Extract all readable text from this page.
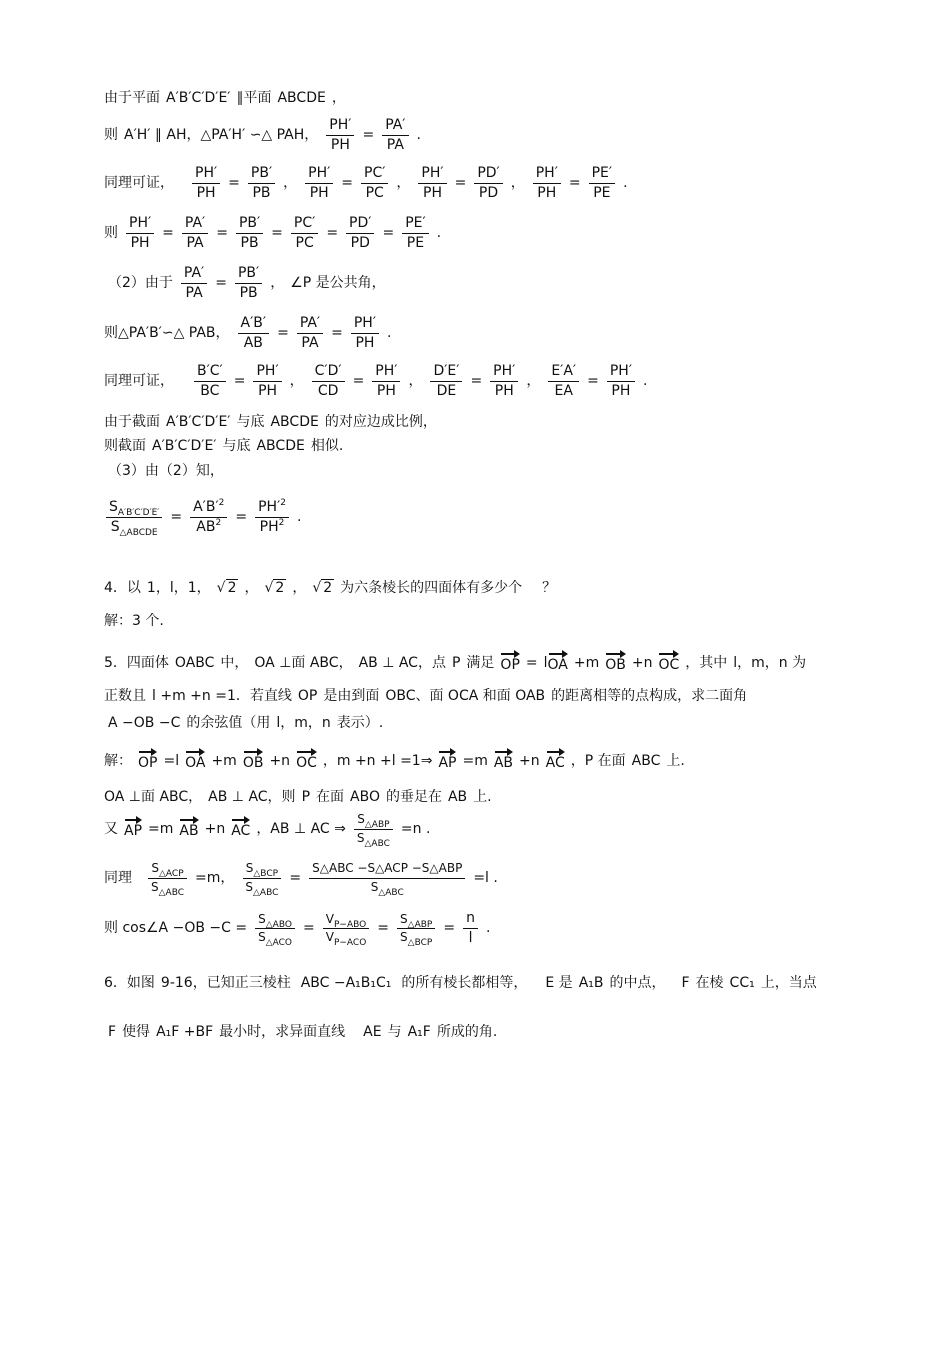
由于平面 A′B′C′D′E′ ∥平面 ABCDE ，
则 A′H′ ∥ AH，△PA′H′ ∽△ PAH， $\frac{PH'}{PH} = \frac{PA'}{PA}$ .
同理可证， $\frac{PH'}{PH} = \frac{PB'}{PB}$ ， $\frac{PH'}{PH} = \frac{PC'}{PC}$ ， $\frac{PH'}{PH} = \frac{PD'}{PD}$ ， $\frac{PH'}{PH} = \frac{PE'}{PE}$ .
则 $\frac{PH'}{PH} = \frac{PA'}{PA} = \frac{PB'}{PB} = \frac{PC'}{PC} = \frac{PD'}{PD} = \frac{PE'}{PE}$ .
（2）由于 $\frac{PA'}{PA} = \frac{PB'}{PB}$ ， ∠P 是公共角，
则△PA′B′∽△ PAB， $\frac{A'B'}{AB} = \frac{PA'}{PA} = \frac{PH'}{PH}$ .
同理可证， $\frac{B'C'}{BC} = \frac{PH'}{PH}$ ， $\frac{C'D'}{CD} = \frac{PH'}{PH}$ ， $\frac{D'E'}{DE} = \frac{PH'}{PH}$ ， $\frac{E'A'}{EA} = \frac{PH'}{PH}$ .
由于截面 A′B′C′D′E′ 与底 ABCDE 的对应边成比例，
则截面 A′B′C′D′E′ 与底 ABCDE 相似.
（3）由（2）知，
$\frac{S_{A'B'C'D'E'}}{S_{\triangle ABCDE}} = \frac{A'B'^2}{AB^2} = \frac{PH'^2}{PH^2}$ .
4．以 1，l，1， √ 2 ， √ 2 ， √ 2 为六条棱长的四面体有多少个 ？
解：3 个.
5．四面体 OABC 中， OA ⊥面 ABC， AB ⊥ AC，点 P 满足 OP = l OA +m OB +n OC ，其中 l，m，n 为
正数且 l +m +n =1．若直线 OP 是由到面 OBC、面 OCA 和面 OAB 的距离相等的点构成，求二面角
A −OB −C 的余弦值（用 l，m，n 表示）.
解： OP =l OA +m OB +n OC ，m +n +l =1⇒ AP =m AB +n AC ，P 在面 ABC 上.
OA ⊥面 ABC， AB ⊥ AC，则 P 在面 ABO 的垂足在 AB 上.
又 AP =m AB +n AC ，AB ⊥ AC ⇒ $\frac{S_{\triangle ABP}}{S_{\triangle ABC}} =n$ .
同理 $\frac{S_{\triangle ACP}}{S_{\triangle ABC}} =m$， $\frac{S_{\triangle BCP}}{S_{\triangle ABC}} = \frac{\text{S△ABC −S△ACP −S△ABP}}{S_{\triangle ABC}} =l$ .
则 cos∠A $-OB -C = \frac{S_{\triangle ABO}}{S_{\triangle ACO}} = \frac{V_{P-ABO}}{V_{P-ACO}} = \frac{S_{\triangle ABP}}{S_{\triangle BCP}} = \frac{n}{l}$ .
6．如图 9-16，已知正三棱柱 ABC −A₁B₁C₁ 的所有棱长都相等， E 是 A₁B 的中点， F 在棱 CC₁ 上，当点
F 使得 A₁F +BF 最小时，求异面直线 AE 与 A₁F 所成的角.
